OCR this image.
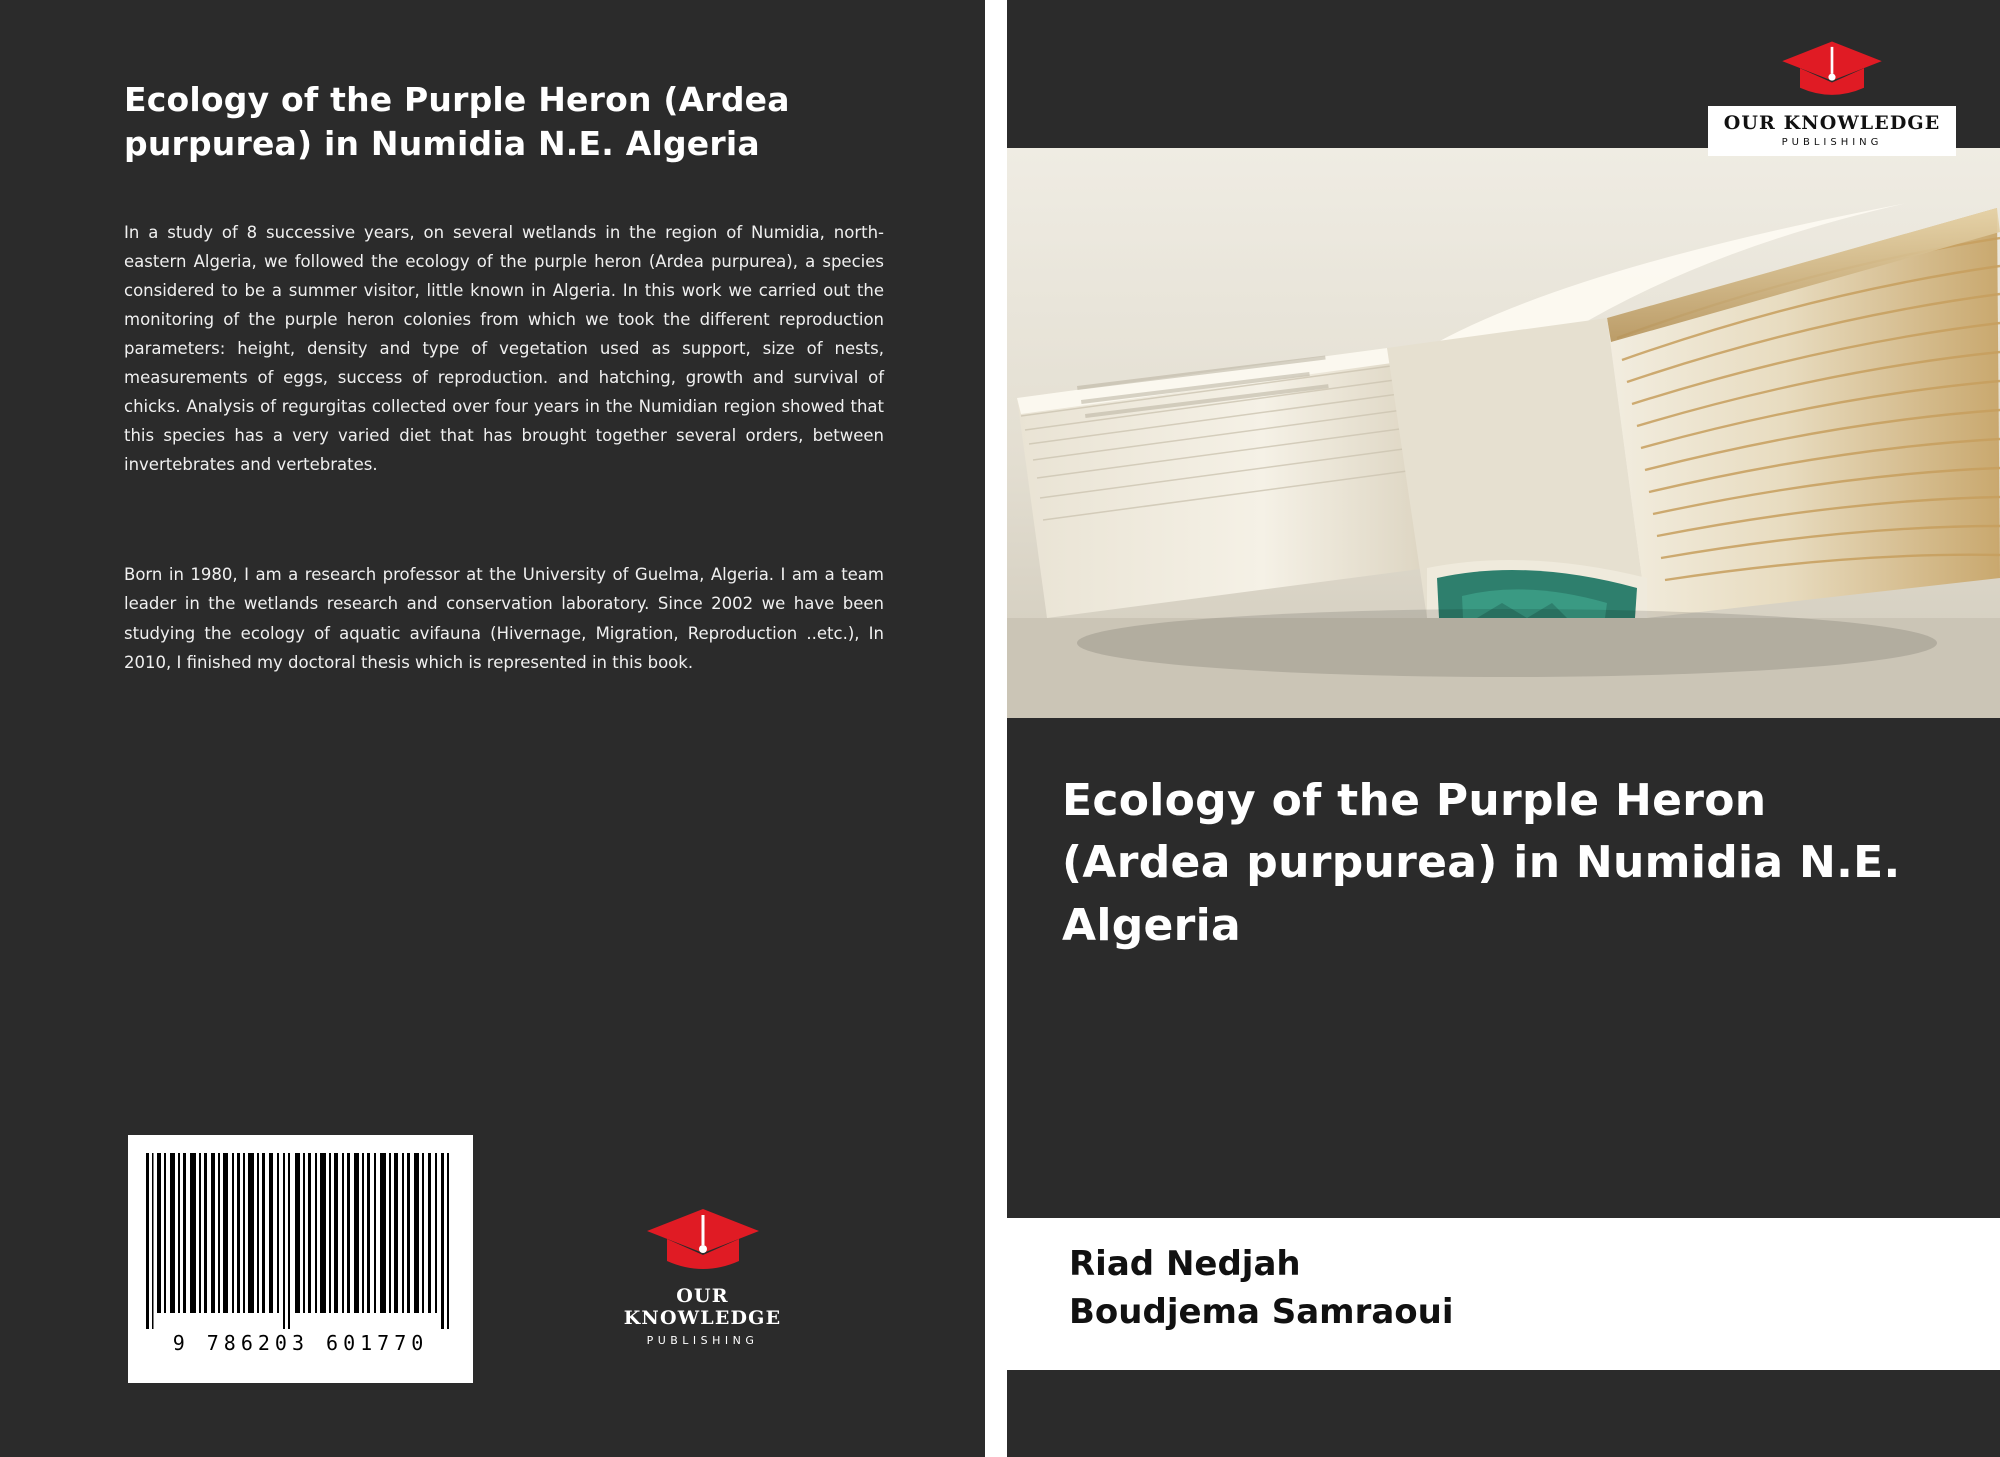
Ecology of the Purple Heron (Ardea purpurea) in Numidia N.E. Algeria
In a study of 8 successive years, on several wetlands in the region of Numidia, north-eastern Algeria, we followed the ecology of the purple heron (Ardea purpurea), a species considered to be a summer visitor, little known in Algeria. In this work we carried out the monitoring of the purple heron colonies from which we took the different reproduction parameters: height, density and type of vegetation used as support, size of nests, measurements of eggs, success of reproduction. and hatching, growth and survival of chicks. Analysis of regurgitas collected over four years in the Numidian region showed that this species has a very varied diet that has brought together several orders, between invertebrates and vertebrates.
Born in 1980, I am a research professor at the University of Guelma, Algeria. I am a team leader in the wetlands research and conservation laboratory. Since 2002 we have been studying the ecology of aquatic avifauna (Hivernage, Migration, Reproduction ..etc.), In 2010, I finished my doctoral thesis which is represented in this book.
9 786203 601770
OUR KNOWLEDGE
PUBLISHING

OUR KNOWLEDGE
PUBLISHING
Ecology of the Purple Heron (Ardea purpurea) in Numidia N.E. Algeria
Riad Nedjah
Boudjema Samraoui
